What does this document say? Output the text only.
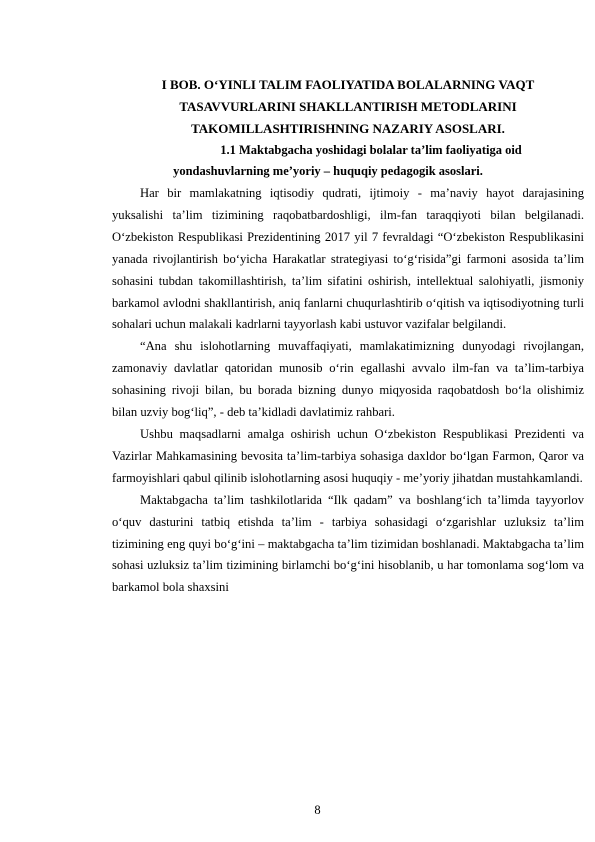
I BOB. O‘YINLI TALIM FAOLIYATIDA BOLALARNING VAQT
TASAVVURLARINI SHAKLLANTIRISH METODLARINI
TAKOMILLASHTIRISHNING NAZARIY ASOSLARI.
1.1 Maktabgacha yoshidagi bolalar ta’lim faoliyatiga oid
yondashuvlarning me’yoriy – huquqiy pedagogik asoslari.

Har bir mamlakatning iqtisodiy qudrati, ijtimoiy - ma’naviy hayot darajasining yuksalishi ta’lim tizimining raqobatbardoshligi, ilm-fan taraqqiyoti bilan belgilanadi. O‘zbekiston Respublikasi Prezidentining 2017 yil 7 fevraldagi “O‘zbekiston Respublikasini yanada rivojlantirish bo‘yicha Harakatlar strategiyasi to‘g‘risida”gi farmoni asosida ta’lim sohasini tubdan takomillashtirish, ta’lim sifatini oshirish, intellektual salohiyatli, jismoniy barkamol avlodni shakllantirish, aniq fanlarni chuqurlashtirib o‘qitish va iqtisodiyotning turli sohalari uchun malakali kadrlarni tayyorlash kabi ustuvor vazifalar belgilandi.

“Ana shu islohotlarning muvaffaqiyati, mamlakatimizning dunyodagi rivojlangan, zamonaviy davlatlar qatoridan munosib o‘rin egallashi avvalo ilm-fan va ta’lim-tarbiya sohasining rivoji bilan, bu borada bizning dunyo miqyosida raqobatdosh bo‘la olishimiz bilan uzviy bog‘liq”, - deb ta’kidladi davlatimiz rahbari.

Ushbu maqsadlarni amalga oshirish uchun O‘zbekiston Respublikasi Prezidenti va Vazirlar Mahkamasining bevosita ta’lim-tarbiya sohasiga daxldor bo‘lgan Farmon, Qaror va farmoyishlari qabul qilinib islohotlarning asosi huquqiy - me’yoriy jihatdan mustahkamlandi.

Maktabgacha ta’lim tashkilotlarida “Ilk qadam” va boshlang‘ich ta’limda tayyorlov o‘quv dasturini tatbiq etishda ta’lim - tarbiya sohasidagi o‘zgarishlar uzluksiz ta’lim tizimining eng quyi bo‘g‘ini – maktabgacha ta’lim tizimidan boshlanadi. Maktabgacha ta’lim sohasi uzluksiz ta’lim tizimining birlamchi bo‘g‘ini hisoblanib, u har tomonlama sog‘lom va barkamol bola shaxsini

8
